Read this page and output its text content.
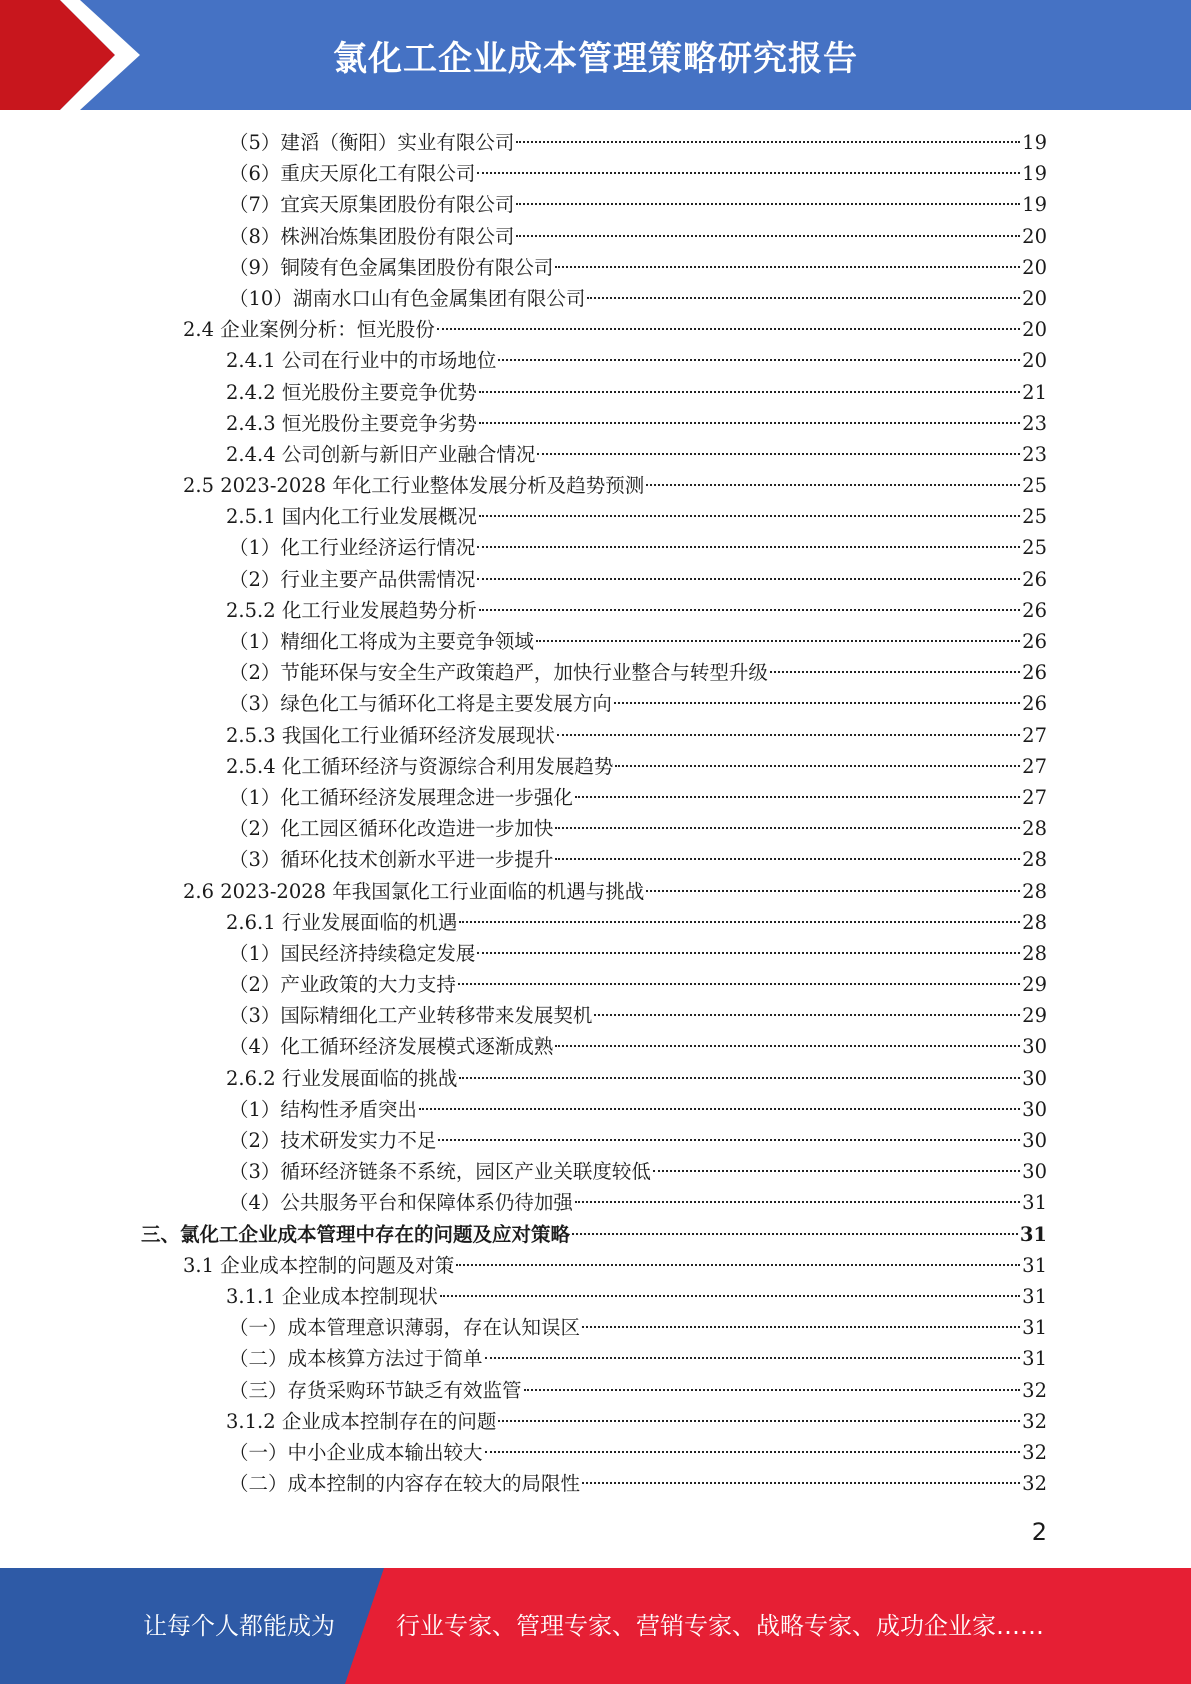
氯化工企业成本管理策略研究报告
（5）建滔（衡阳）实业有限公司	19
（6）重庆天原化工有限公司	19
（7）宜宾天原集团股份有限公司	19
（8）株洲冶炼集团股份有限公司	20
（9）铜陵有色金属集团股份有限公司	20
（10）湖南水口山有色金属集团有限公司	20
2.4 企业案例分析：恒光股份	20
2.4.1 公司在行业中的市场地位	20
2.4.2 恒光股份主要竞争优势	21
2.4.3 恒光股份主要竞争劣势	23
2.4.4 公司创新与新旧产业融合情况	23
2.5 2023-2028 年化工行业整体发展分析及趋势预测	25
2.5.1 国内化工行业发展概况	25
（1）化工行业经济运行情况	25
（2）行业主要产品供需情况	26
2.5.2 化工行业发展趋势分析	26
（1）精细化工将成为主要竞争领域	26
（2）节能环保与安全生产政策趋严，加快行业整合与转型升级	26
（3）绿色化工与循环化工将是主要发展方向	26
2.5.3 我国化工行业循环经济发展现状	27
2.5.4 化工循环经济与资源综合利用发展趋势	27
（1）化工循环经济发展理念进一步强化	27
（2）化工园区循环化改造进一步加快	28
（3）循环化技术创新水平进一步提升	28
2.6 2023-2028 年我国氯化工行业面临的机遇与挑战	28
2.6.1 行业发展面临的机遇	28
（1）国民经济持续稳定发展	28
（2）产业政策的大力支持	29
（3）国际精细化工产业转移带来发展契机	29
（4）化工循环经济发展模式逐渐成熟	30
2.6.2 行业发展面临的挑战	30
（1）结构性矛盾突出	30
（2）技术研发实力不足	30
（3）循环经济链条不系统，园区产业关联度较低	30
（4）公共服务平台和保障体系仍待加强	31
三、氯化工企业成本管理中存在的问题及应对策略	31
3.1 企业成本控制的问题及对策	31
3.1.1 企业成本控制现状	31
（一）成本管理意识薄弱，存在认知误区	31
（二）成本核算方法过于简单	31
（三）存货采购环节缺乏有效监管	32
3.1.2 企业成本控制存在的问题	32
（一）中小企业成本输出较大	32
（二）成本控制的内容存在较大的局限性	32
2
让每个人都能成为	行业专家、管理专家、营销专家、战略专家、成功企业家……
